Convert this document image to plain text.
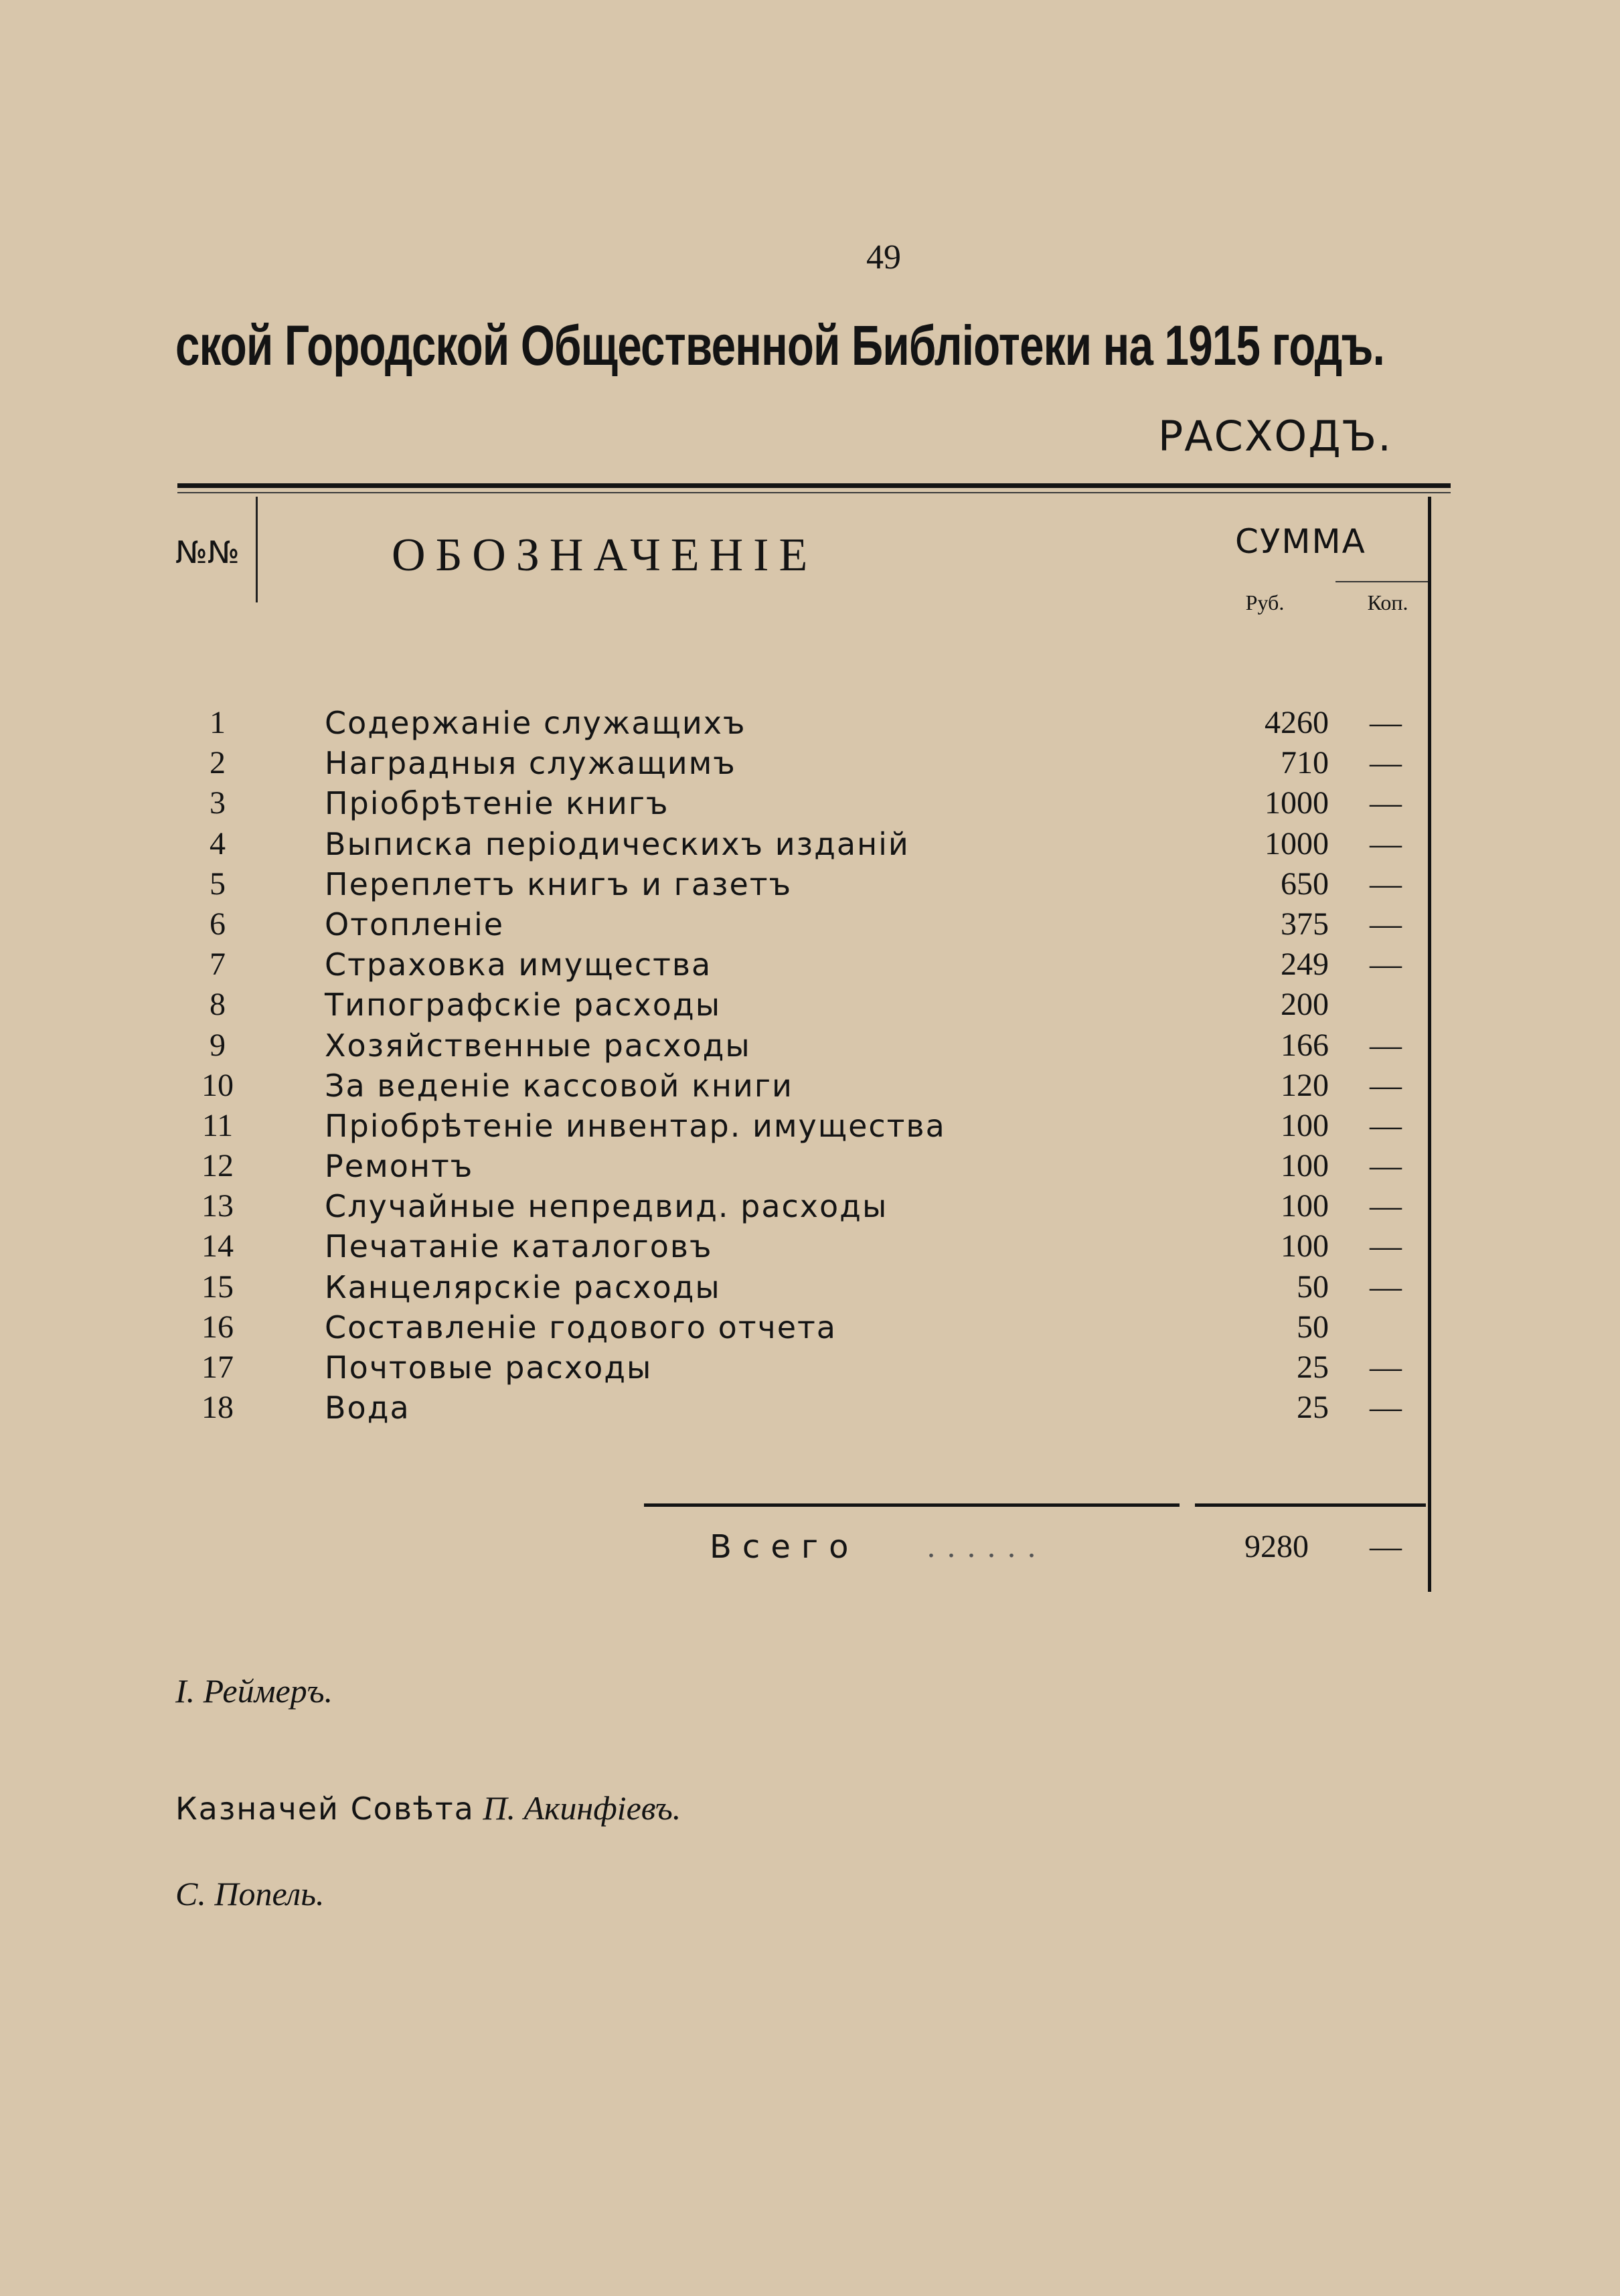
49
ской Городской Общественной Библіотеки на 1915 годъ.
РАСХОДЪ.
№№	ОБОЗНАЧЕНІЕ	СУММА
Руб.	Коп.
1	Содержаніе служащихъ	4260	—
2	Наградныя служащимъ	710	—
3	Пріобрѣтеніе книгъ	1000	—
4	Выписка періодическихъ изданій	1000	—
5	Переплетъ книгъ и газетъ	650	—
6	Отопленіе	375	—
7	Страховка имущества	249	—
8	Типографскіе расходы	200
9	Хозяйственные расходы	166	—
10	За веденіе кассовой книги	120	—
11	Пріобрѣтеніе инвентар. имущества	100	—
12	Ремонтъ	100	—
13	Случайные непредвид. расходы	100	—
14	Печатаніе каталоговъ	100	—
15	Канцелярскіе расходы	50	—
16	Составленіе годового отчета	50
17	Почтовые расходы	25	—
18	Вода	25	—
Всего ......	9280	—
І. Реймеръ.
Казначей Совѣта П. Акинфіевъ.
С. Попель.
